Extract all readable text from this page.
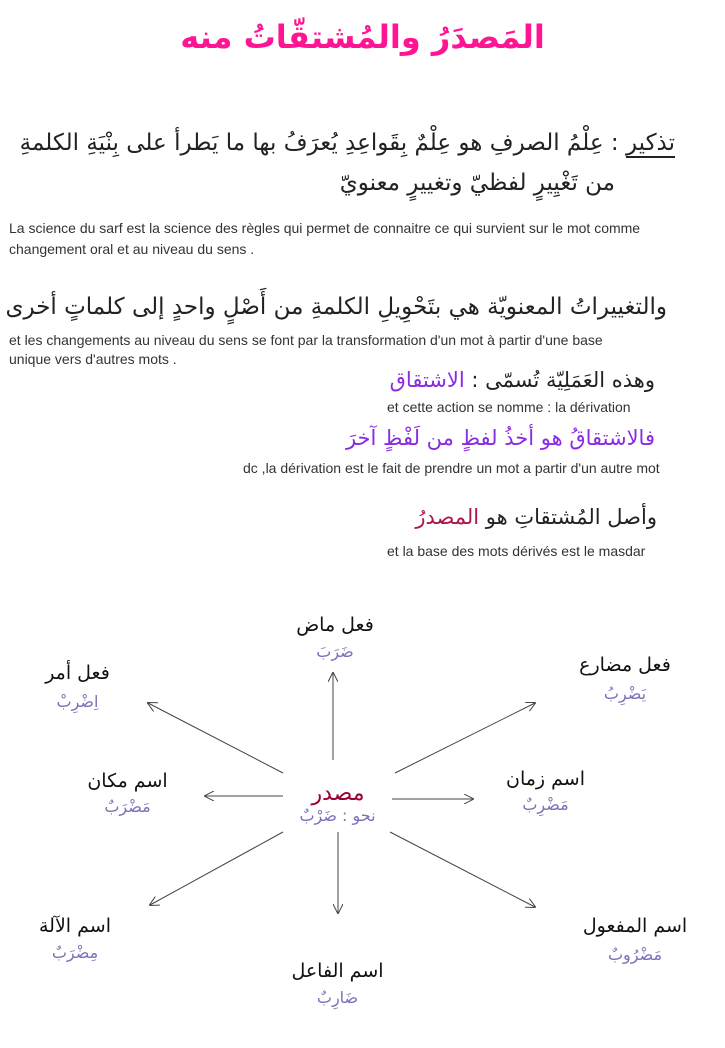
المَصدَرُ والمُشتقّاتُ منه
تذكير : عِلْمُ الصرفِ هو عِلْمٌ بِقَواعِدِ يُعرَفُ بها ما يَطرأ على بِنْيَةِ الكلمةِ
من تَغْيِيرٍ لفظيّ وتغييرٍ معنويّ
La science du sarf est la science des règles qui permet de connaitre ce qui survient sur le mot comme
changement oral et au niveau du sens .
والتغييراتُ المعنويّة هي بتَحْوِيلِ الكلمةِ من أَصْلٍ واحدٍ إلى كلماتٍ أخرى
et les changements au niveau du sens se font par la transformation d'un mot à partir d'une base
unique vers d'autres mots .
وهذه العَمَلِيّة تُسمّى : الاشتقاق
et cette action se nomme : la dérivation
فالاشتقاقُ هو أخذُ لفظٍ من لَفْظٍ آخرَ
dc ,la dérivation est le fait de prendre un mot a partir d'un autre mot
وأصل المُشتقاتِ هو المصدرُ
et la base des mots dérivés est le masdar
مصدر
نحو : ضَرْبٌ
فعل ماض
ضَرَبَ
فعل مضارع
يَضْرِبُ
فعل أمر
اِضْرِبْ
اسم مكان
مَضْرَبٌ
اسم زمان
مَضْرِبٌ
اسم الآلة
مِضْرَبٌ
اسم المفعول
مَضْرُوبٌ
اسم الفاعل
ضَارِبٌ
